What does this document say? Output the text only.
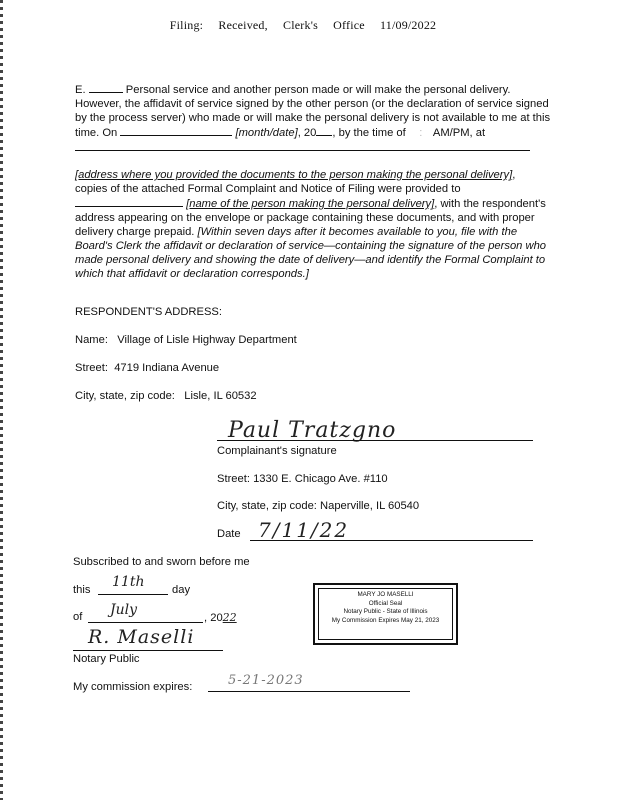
Filing: Received, Clerk's Office 11/09/2022

E.	Personal service and another person made or will make the personal delivery. However, the affidavit of service signed by the other person (or the declaration of service signed by the process server) who made or will make the personal delivery is not available to me at this time. On	[month/date], 20 , by the time of : AM/PM, at

[address where you provided the documents to the person making the personal delivery], copies of the attached Formal Complaint and Notice of Filing were provided to  [name of the person making the personal delivery], with the respondent's address appearing on the envelope or package containing these documents, and with proper delivery charge prepaid. [Within seven days after it becomes available to you, file with the Board's Clerk the affidavit or declaration of service—containing the signature of the person who made personal delivery and showing the date of delivery—and identify the Formal Complaint to which that affidavit or declaration corresponds.]

RESPONDENT'S ADDRESS:
Name: Village of Lisle Highway Department
Street: 4719 Indiana Avenue
City, state, zip code: Lisle, IL 60532
Paul Tratzgno
Complainant's signature
Street: 1330 E. Chicago Ave. #110
City, state, zip code: Naperville, IL 60540
Date 7/11/22
Subscribed to and sworn before me
this 11th day
of July	, 2022
R. Maselli
Notary Public
My commission expires:	5-21-2023
MARY JO MASELLI
Official Seal
Notary Public - State of Illinois
My Commission Expires May 21, 2023
